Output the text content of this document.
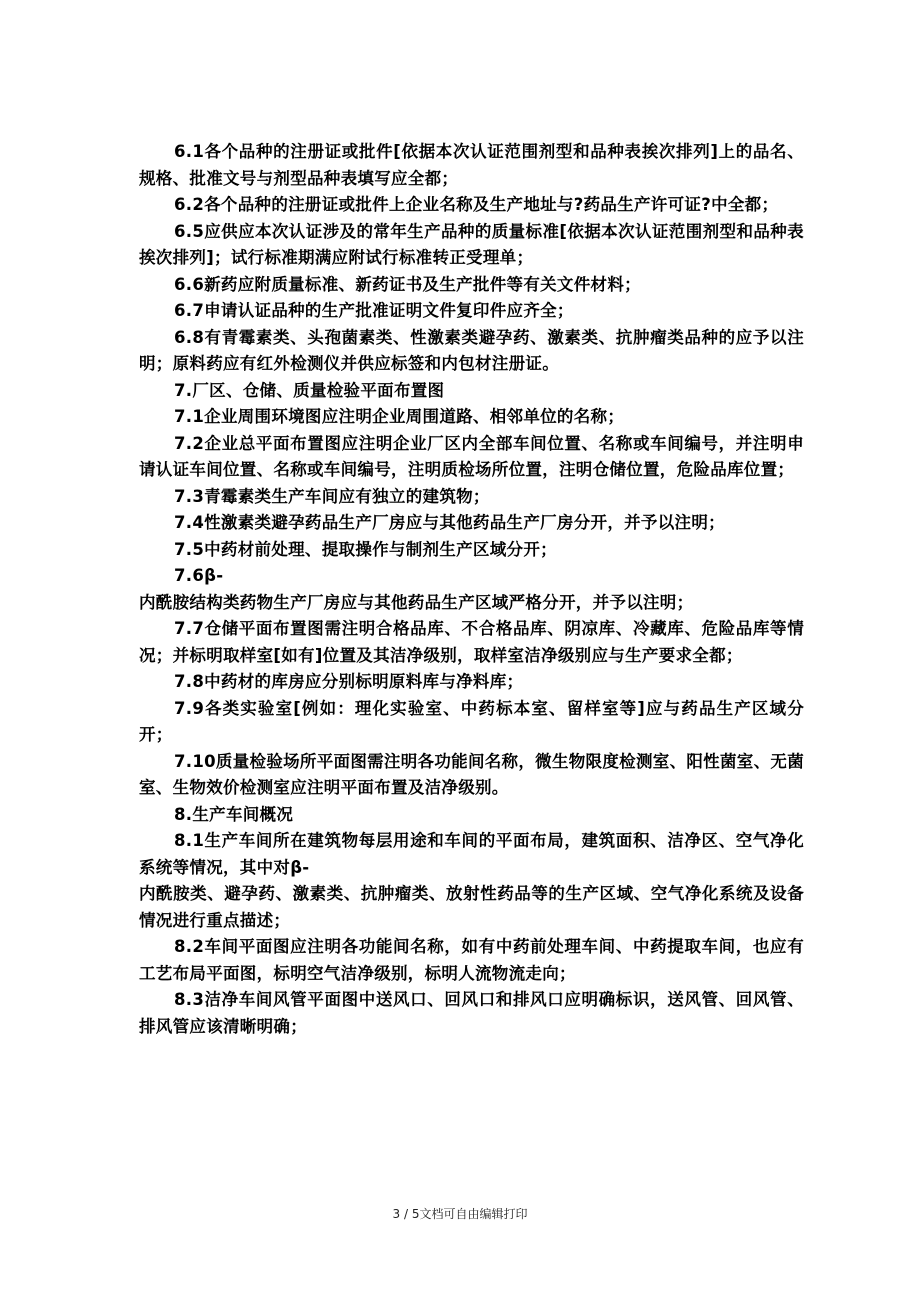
6.1各个品种的注册证或批件[依据本次认证范围剂型和品种表挨次排列]上的品名、规格、批准文号与剂型品种表填写应全都；

6.2各个品种的注册证或批件上企业名称及生产地址与?药品生产许可证?中全都；

6.5应供应本次认证涉及的常年生产品种的质量标准[依据本次认证范围剂型和品种表挨次排列]；试行标准期满应附试行标准转正受理单；

6.6新药应附质量标准、新药证书及生产批件等有关文件材料；

6.7申请认证品种的生产批准证明文件复印件应齐全；

6.8有青霉素类、头孢菌素类、性激素类避孕药、激素类、抗肿瘤类品种的应予以注明；原料药应有红外检测仪并供应标签和内包材注册证。

7.厂区、仓储、质量检验平面布置图

7.1企业周围环境图应注明企业周围道路、相邻单位的名称；

7.2企业总平面布置图应注明企业厂区内全部车间位置、名称或车间编号，并注明申请认证车间位置、名称或车间编号，注明质检场所位置，注明仓储位置，危险品库位置；

7.3青霉素类生产车间应有独立的建筑物；

7.4性激素类避孕药品生产厂房应与其他药品生产厂房分开，并予以注明；

7.5中药材前处理、提取操作与制剂生产区域分开；

7.6β-

内酰胺结构类药物生产厂房应与其他药品生产区域严格分开，并予以注明；

7.7仓储平面布置图需注明合格品库、不合格品库、阴凉库、冷藏库、危险品库等情况；并标明取样室[如有]位置及其洁净级别，取样室洁净级别应与生产要求全都；

7.8中药材的库房应分别标明原料库与净料库；

7.9各类实验室[例如：理化实验室、中药标本室、留样室等]应与药品生产区域分开；

7.10质量检验场所平面图需注明各功能间名称，微生物限度检测室、阳性菌室、无菌室、生物效价检测室应注明平面布置及洁净级别。

8.生产车间概况

8.1生产车间所在建筑物每层用途和车间的平面布局，建筑面积、洁净区、空气净化系统等情况，其中对β-

内酰胺类、避孕药、激素类、抗肿瘤类、放射性药品等的生产区域、空气净化系统及设备情况进行重点描述；

8.2车间平面图应注明各功能间名称，如有中药前处理车间、中药提取车间，也应有工艺布局平面图，标明空气洁净级别，标明人流物流走向；

8.3洁净车间风管平面图中送风口、回风口和排风口应明确标识，送风管、回风管、排风管应该清晰明确；

3 / 5文档可自由编辑打印
